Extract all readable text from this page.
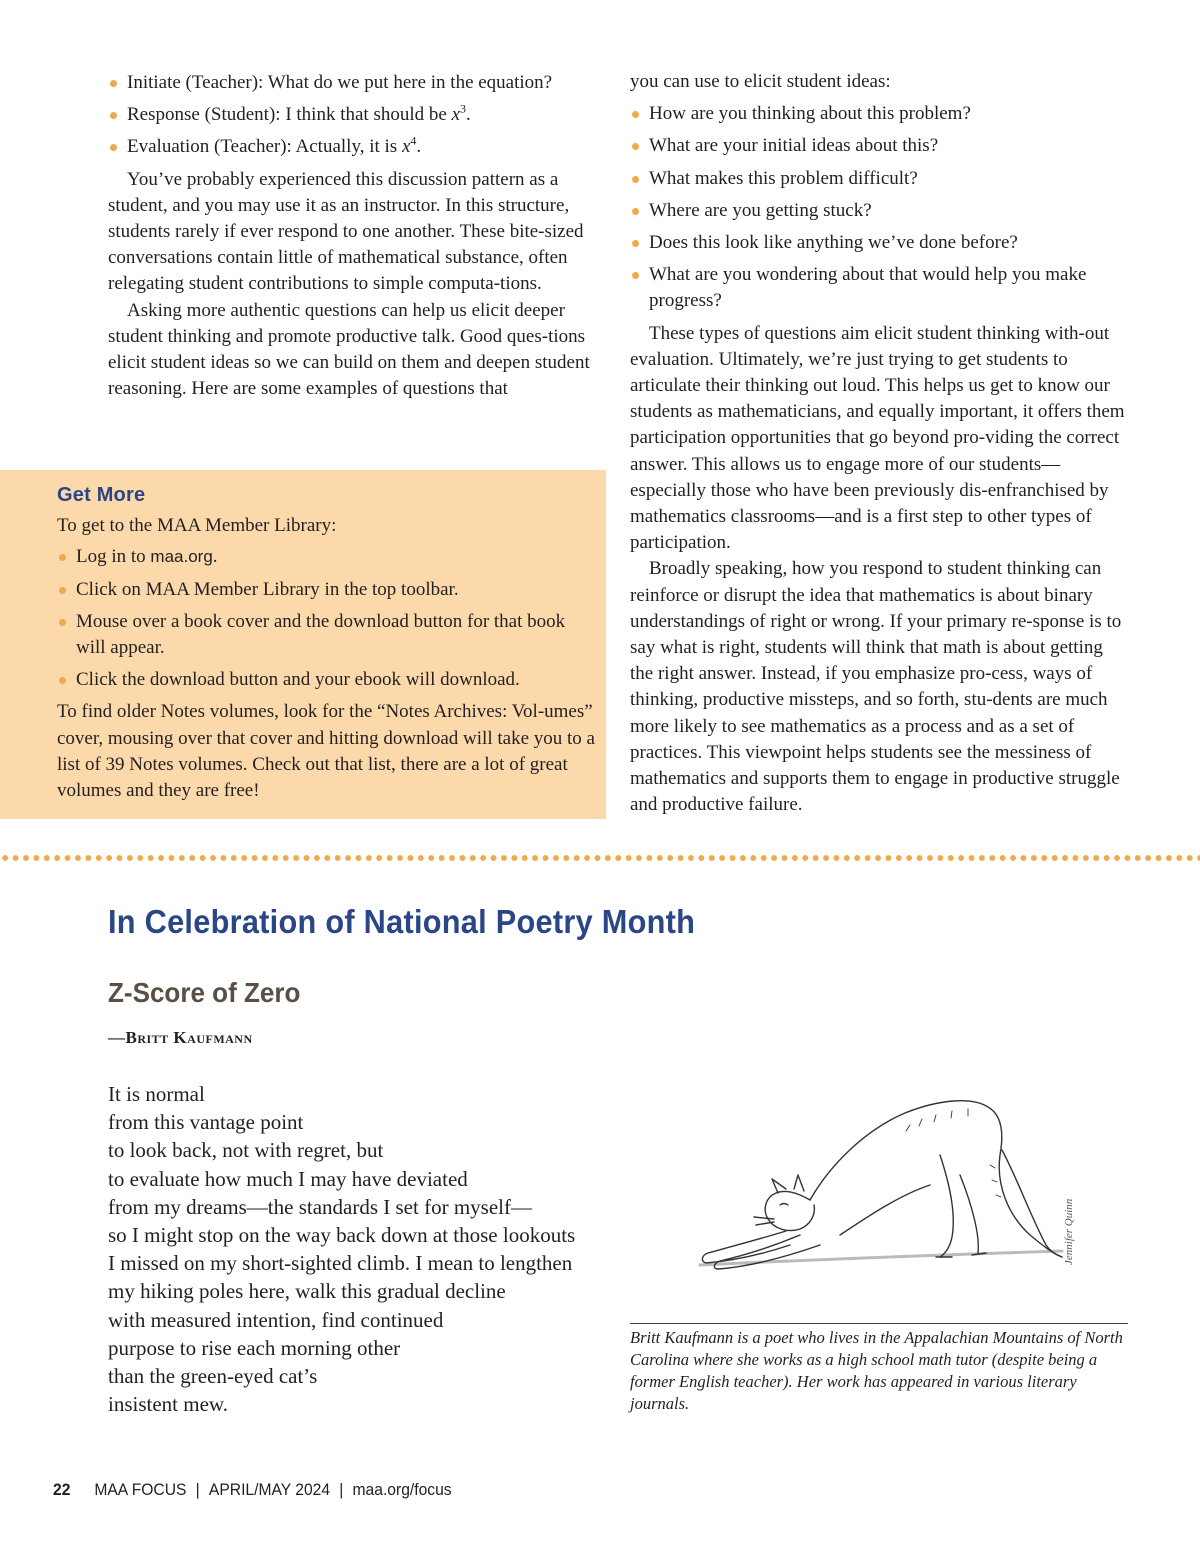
Initiate (Teacher): What do we put here in the equation?
Response (Student): I think that should be $x^3$.
Evaluation (Teacher): Actually, it is $x^4$.

You’ve probably experienced this discussion pattern as a student, and you may use it as an instructor. In this structure, students rarely if ever respond to one another. These bite-sized conversations contain little of mathematical substance, often relegating student contributions to simple computa-tions.

Asking more authentic questions can help us elicit deeper student thinking and promote productive talk. Good ques-tions elicit student ideas so we can build on them and deepen student reasoning. Here are some examples of questions that

Get More

To get to the MAA Member Library:

Log in to maa.org.
Click on MAA Member Library in the top toolbar.
Mouse over a book cover and the download button for that book will appear.
Click the download button and your ebook will download.

To find older Notes volumes, look for the “Notes Archives: Vol-umes” cover, mousing over that cover and hitting download will take you to a list of 39 Notes volumes. Check out that list, there are a lot of great volumes and they are free!

you can use to elicit student ideas:

How are you thinking about this problem?
What are your initial ideas about this?
What makes this problem difficult?
Where are you getting stuck?
Does this look like anything we’ve done before?
What are you wondering about that would help you make progress?

These types of questions aim elicit student thinking with-out evaluation. Ultimately, we’re just trying to get students to articulate their thinking out loud. This helps us get to know our students as mathematicians, and equally important, it offers them participation opportunities that go beyond pro-viding the correct answer. This allows us to engage more of our students—especially those who have been previously dis-enfranchised by mathematics classrooms—and is a first step to other types of participation.

Broadly speaking, how you respond to student thinking can reinforce or disrupt the idea that mathematics is about binary understandings of right or wrong. If your primary re-sponse is to say what is right, students will think that math is about getting the right answer. Instead, if you emphasize pro-cess, ways of thinking, productive missteps, and so forth, stu-dents are much more likely to see mathematics as a process and as a set of practices. This viewpoint helps students see the messiness of mathematics and supports them to engage in productive struggle and productive failure.

In Celebration of National Poetry Month
Z-Score of Zero

—Britt Kaufmann

It is normal
from this vantage point
to look back, not with regret, but
to evaluate how much I may have deviated
from my dreams—the standards I set for myself—
so I might stop on the way back down at those lookouts
I missed on my short-sighted climb. I mean to lengthen
my hiking poles here, walk this gradual decline
with measured intention, find continued
purpose to rise each morning other
than the green-eyed cat’s
insistent mew.
Jennifer Quinn

Britt Kaufmann is a poet who lives in the Appalachian Mountains of North Carolina where she works as a high school math tutor (despite being a former English teacher). Her work has appeared in various literary journals.

22 MAA FOCUS | APRIL/MAY 2024 | maa.org/focus
